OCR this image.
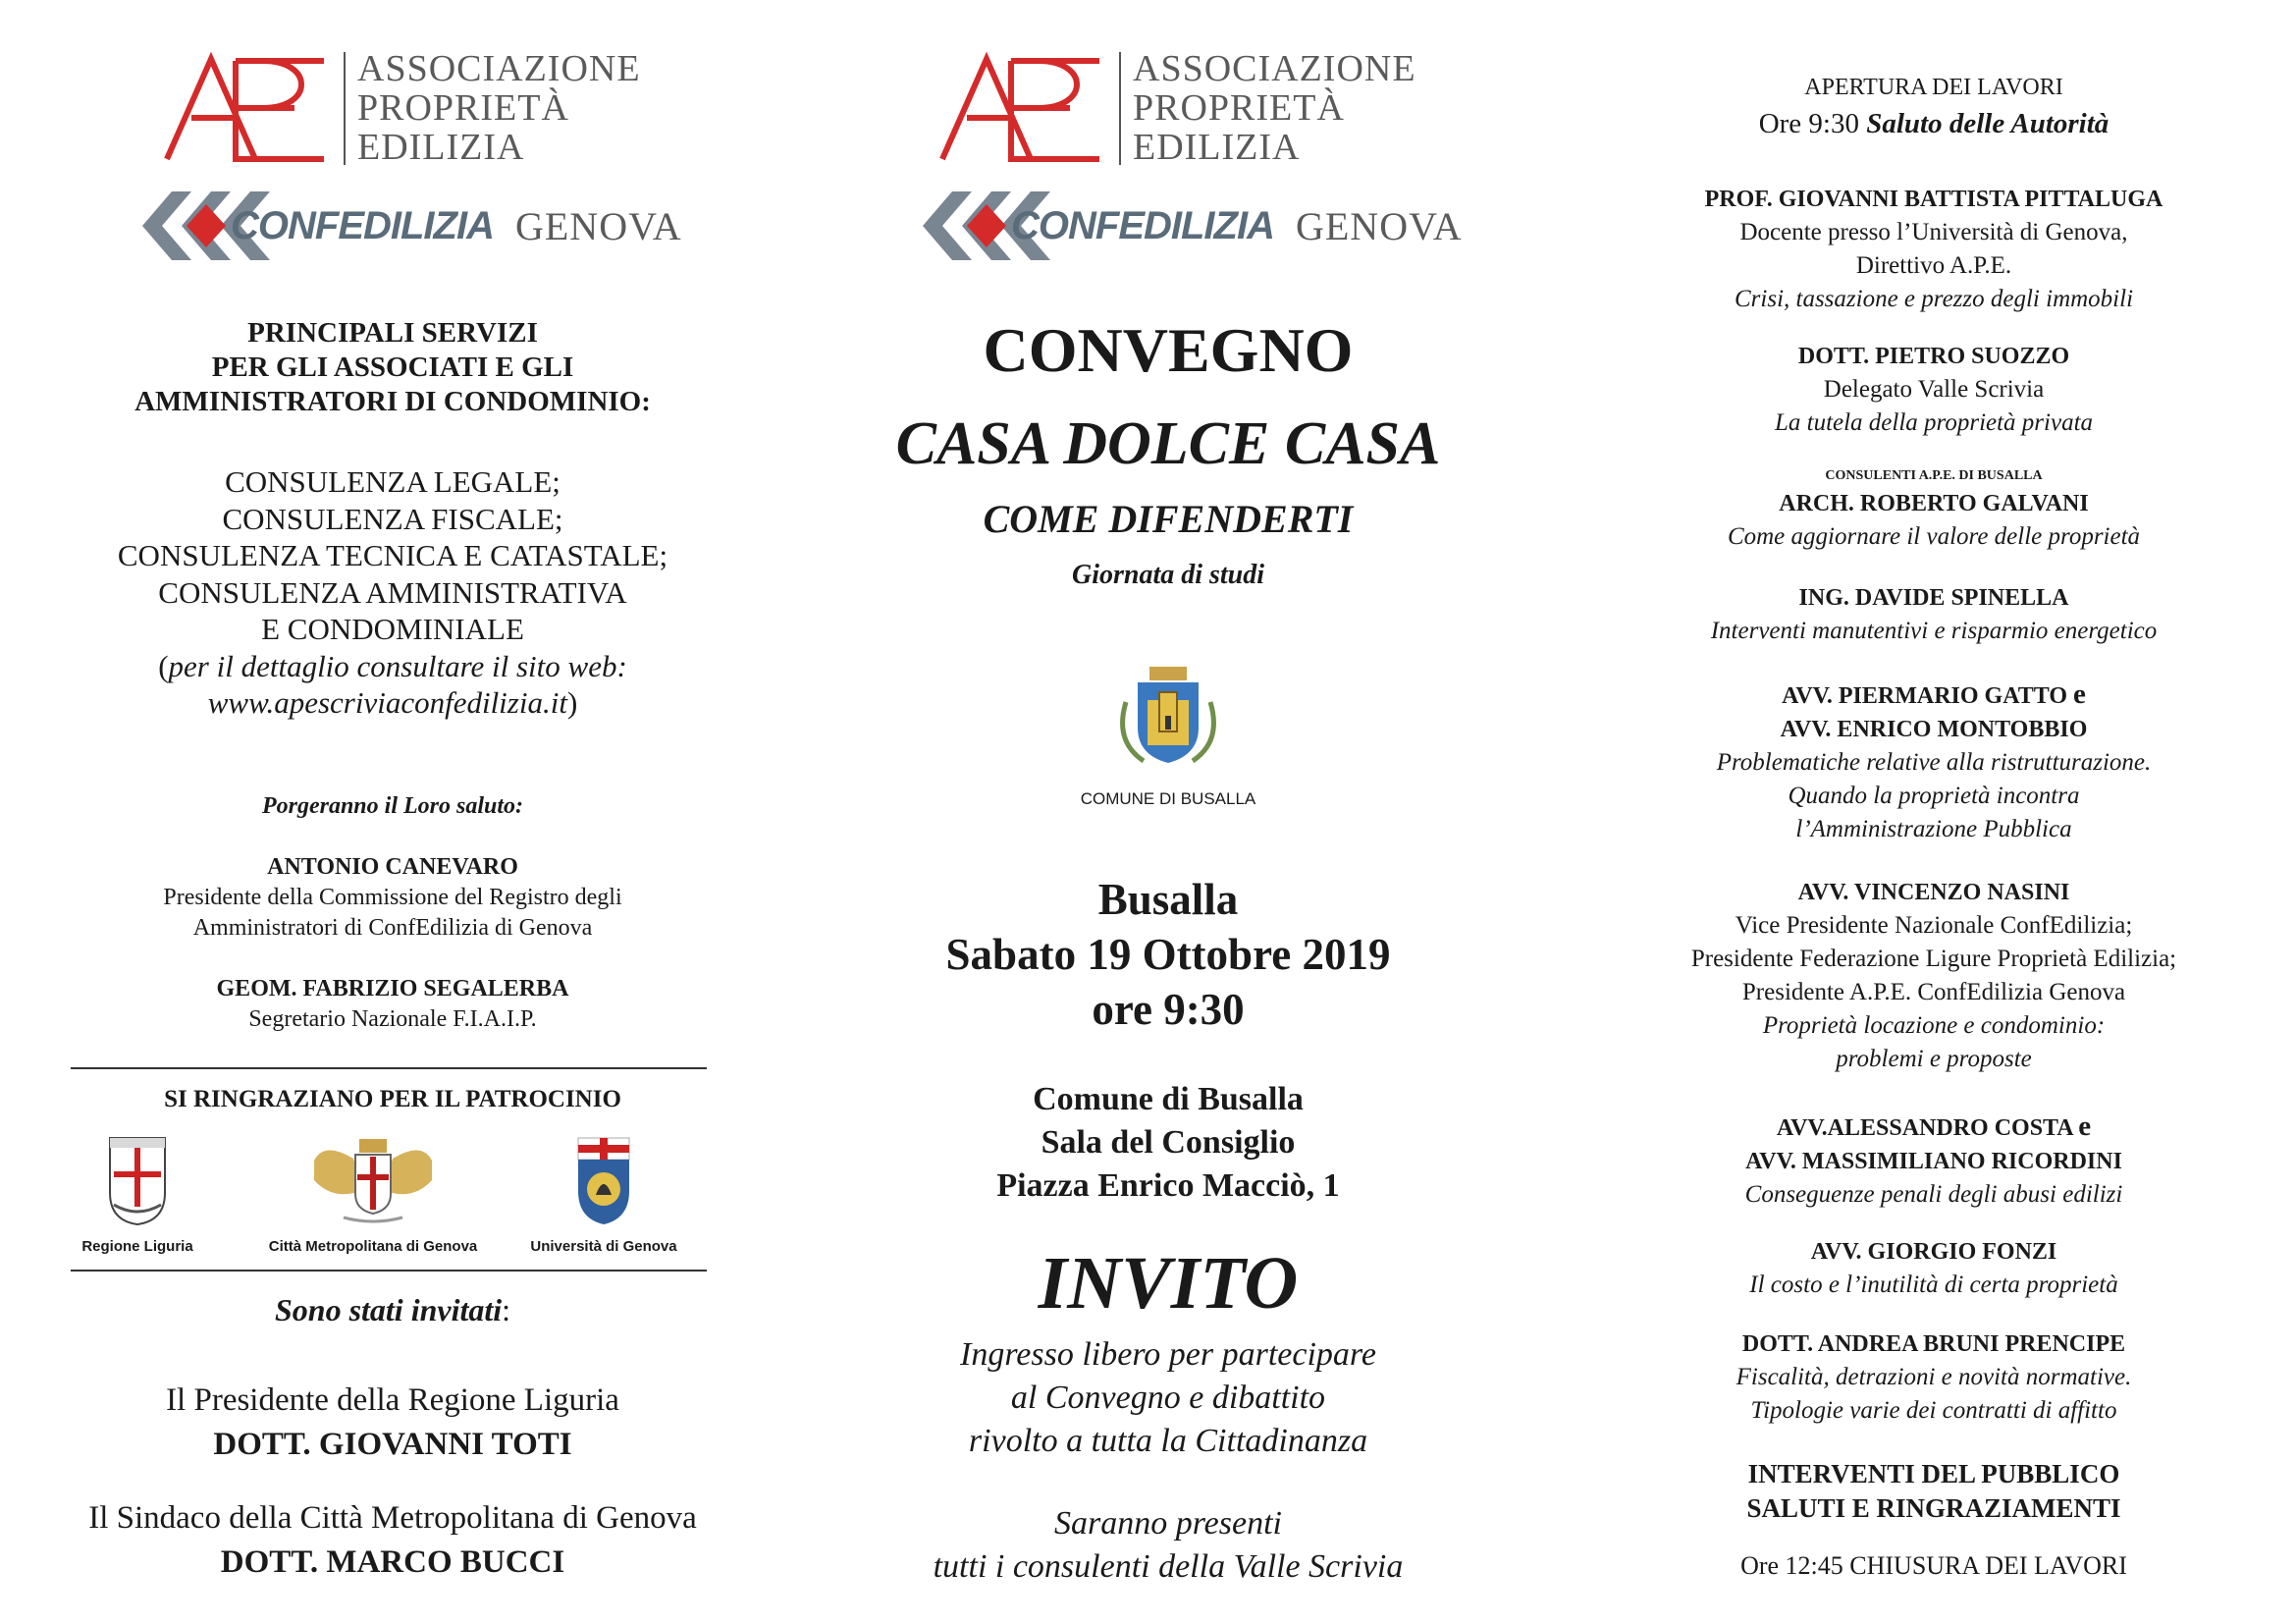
ASSOCIAZIONE
PROPRIETÀ
EDILIZIA
CONFEDILIZIA GENOVA
PRINCIPALI SERVIZI
PER GLI ASSOCIATI E GLI
AMMINISTRATORI DI CONDOMINIO:
CONSULENZA LEGALE;
CONSULENZA FISCALE;
CONSULENZA TECNICA E CATASTALE;
CONSULENZA AMMINISTRATIVA
E CONDOMINIALE
(per il dettaglio consultare il sito web:
www.apescriviaconfedilizia.it)
Porgeranno il Loro saluto:
ANTONIO CANEVARO
Presidente della Commissione del Registro degli
Amministratori di ConfEdilizia di Genova
GEOM. FABRIZIO SEGALERBA
Segretario Nazionale F.I.A.I.P.
SI RINGRAZIANO PER IL PATROCINIO
Regione Liguria	Città Metropolitana di Genova	Università di Genova
Sono stati invitati:
Il Presidente della Regione Liguria
DOTT. GIOVANNI TOTI
Il Sindaco della Città Metropolitana di Genova
DOTT. MARCO BUCCI
ASSOCIAZIONE
PROPRIETÀ
EDILIZIA
CONFEDILIZIA GENOVA
CONVEGNO
CASA DOLCE CASA
COME DIFENDERTI
Giornata di studi
COMUNE DI BUSALLA
Busalla
Sabato 19 Ottobre 2019
ore 9:30
Comune di Busalla
Sala del Consiglio
Piazza Enrico Macciò, 1
INVITO
Ingresso libero per partecipare
al Convegno e dibattito
rivolto a tutta la Cittadinanza
Saranno presenti
tutti i consulenti della Valle Scrivia
APERTURA DEI LAVORI
Ore 9:30 Saluto delle Autorità
PROF. GIOVANNI BATTISTA PITTALUGA
Docente presso l’Università di Genova,
Direttivo A.P.E.
Crisi, tassazione e prezzo degli immobili
DOTT. PIETRO SUOZZO
Delegato Valle Scrivia
La tutela della proprietà privata
CONSULENTI A.P.E. DI BUSALLA
ARCH. ROBERTO GALVANI
Come aggiornare il valore delle proprietà
ING. DAVIDE SPINELLA
Interventi manutentivi e risparmio energetico
AVV. PIERMARIO GATTO e
AVV. ENRICO MONTOBBIO
Problematiche relative alla ristrutturazione.
Quando la proprietà incontra
l’Amministrazione Pubblica
AVV. VINCENZO NASINI
Vice Presidente Nazionale ConfEdilizia;
Presidente Federazione Ligure Proprietà Edilizia;
Presidente A.P.E. ConfEdilizia Genova
Proprietà locazione e condominio:
problemi e proposte
AVV.ALESSANDRO COSTA e
AVV. MASSIMILIANO RICORDINI
Conseguenze penali degli abusi edilizi
AVV. GIORGIO FONZI
Il costo e l’inutilità di certa proprietà
DOTT. ANDREA BRUNI PRENCIPE
Fiscalità, detrazioni e novità normative.
Tipologie varie dei contratti di affitto
INTERVENTI DEL PUBBLICO
SALUTI E RINGRAZIAMENTI
Ore 12:45 CHIUSURA DEI LAVORI
